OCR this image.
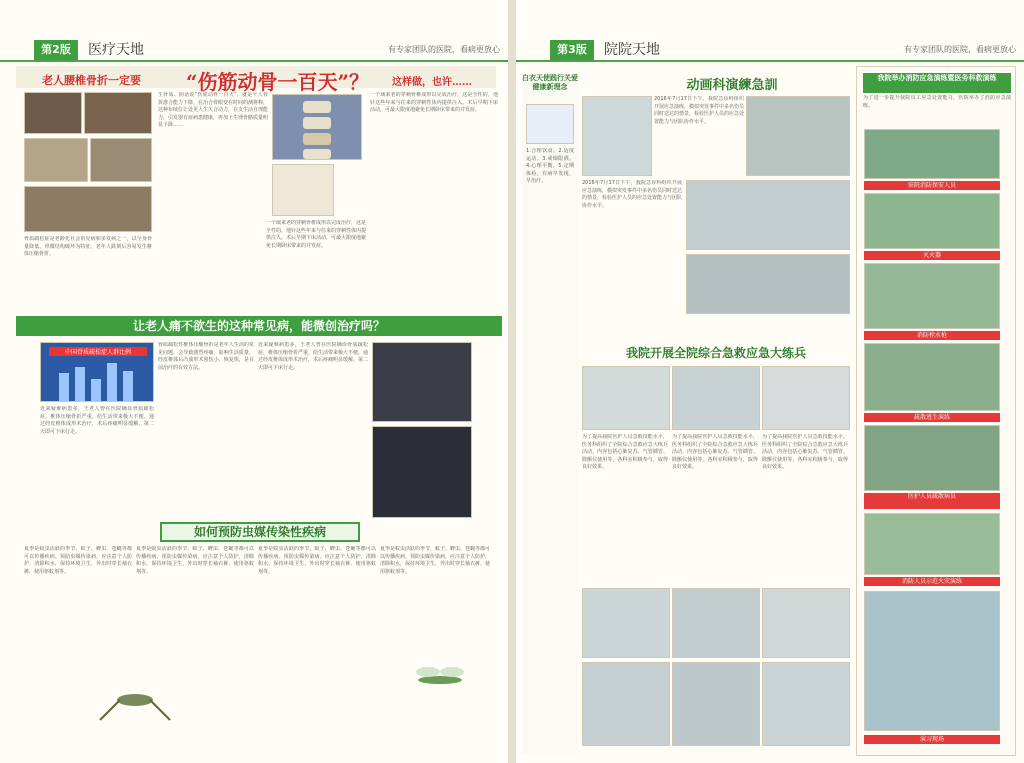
第2版	医疗天地	有专家团队的医院，看病更放心
老人腰椎骨折一定要 “伤筋动骨一百天”？ 这样做，也许……
骨质疏松症是老龄化社会常见病和多发病之一，以全身骨量降低、骨微结构破坏为特征，老年人跌倒后容易发生椎体压缩骨折。
生骨质、阴话说“伤筋动骨一百天”，就是平人骨折愈合能力下降，在治合骨眼变在时间的测将称，这种布续位让处更人生失合动力，在支生活自理能力，引发器有症病患健康，再加上生理骨骼质量明显下降……
一个域来老的穿刺骨椎成形以完成治疗，这是全性的，他针这些年来与住来的穿刺性体内提供注入。术后早期下床活动，可最大限度地避免长期卧床带来的并发症。
一个域来老的穿刺骨椎成形以完成治疗，这是全性的，他针这些年来与住来的穿刺性体内提供注入。术后早期下床活动，可最大限度地避免长期卧床带来的并发症。
让老人痛不欲生的这种常见病，能微创治疗吗？
中国骨质疏松症人群比例
近来疑难病患多，王老人曾在医院确诊骨质疏松症，椎体压缩骨折严重，给生活带来极大不便。通过经皮椎体成形术治疗，术后疼痛明显缓解，第二天即可下床行走。
骨质疏松性椎体压缩骨折是老年人生活的常见问题，会导致剧烈疼痛，影响生活质量。经皮椎体后凸成形术创伤小、恢复快，是目前治疗的有效方法。
近来疑难病患多，王老人曾在医院确诊骨质疏松症，椎体压缩骨折严重，给生活带来极大不便。通过经皮椎体成形术治疗，术后疼痛明显缓解，第二天即可下床行走。
如何预防虫媒传染性疾病
夏季是蚊虫活跃的季节，蚊子、蜱虫、苍蝇等都可以传播疾病。预防虫媒传染病，应注意个人防护，清除积水，保持环境卫生，外出时穿长袖衣裤、使用驱蚊剂等。
夏季是蚊虫活跃的季节，蚊子、蜱虫、苍蝇等都可以传播疾病。预防虫媒传染病，应注意个人防护，清除积水，保持环境卫生，外出时穿长袖衣裤、使用驱蚊剂等。
夏季是蚊虫活跃的季节，蚊子、蜱虫、苍蝇等都可以传播疾病。预防虫媒传染病，应注意个人防护，清除积水，保持环境卫生，外出时穿长袖衣裤、使用驱蚊剂等。
夏季是蚊虫活跃的季节，蚊子、蜱虫、苍蝇等都可以传播疾病。预防虫媒传染病，应注意个人防护，清除积水，保持环境卫生，外出时穿长袖衣裤、使用驱蚊剂等。
第3版	院院天地	有专家团队的医院，看病更放心
白衣天使践行关爱健康新理念
1.合理饮食。2.适度运动。3.戒烟限酒。4.心理平衡。5.定期体检，有病早发现、早治疗。
动画科演練急訓
2016年7月17日下午，我院急诊科组织开展应急演练，模拟突发事件中多名伤员同时送达的情景，检验医护人员的应急处置能力与团队协作水平。
2016年7月17日下午，我院急诊科组织开展应急演练，模拟突发事件中多名伤员同时送达的情景，检验医护人员的应急处置能力与团队协作水平。
我院开展全院综合急救应急大练兵
为了提高我院医护人员急救技能水平，医务科组织了全院综合急救应急大练兵活动，内容包括心肺复苏、气管插管、除颤仪使用等，各科室积极参与，取得良好效果。
为了提高我院医护人员急救技能水平，医务科组织了全院综合急救应急大练兵活动，内容包括心肺复苏、气管插管、除颤仪使用等，各科室积极参与，取得良好效果。
为了提高我院医护人员急救技能水平，医务科组织了全院综合急救应急大练兵活动，内容包括心肺复苏、气管插管、除颤仪使用等，各科室积极参与，取得良好效果。
我院举办消防应急演练暨医务科救演练
为了进一步提升我院员工应急处置能力，医院举办了消防应急演练。
驻院消防保安人员
灭火器
消防栓水枪
疏散逃生演练
医护人员疏散病员
消防人员示范火灾演练
演习现场
